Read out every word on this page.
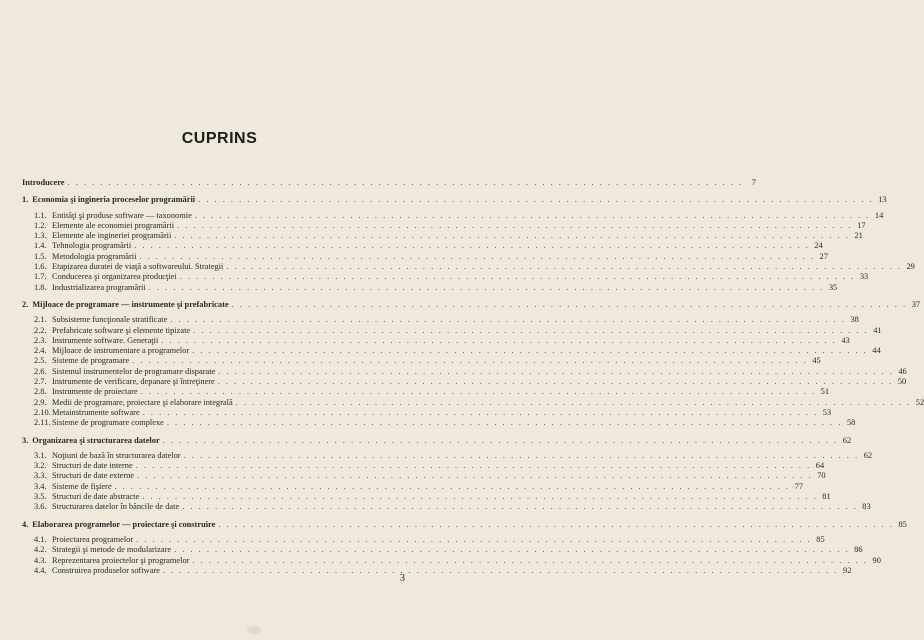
CUPRINS
Introducere . . .	7
1. Economia şi ingineria proceselor programării . . .	13
1.1. Entităţi şi produse software — taxonomie . . .	14
1.2. Elemente ale economiei programării . . .	17
1.3. Elemente ale ingineriei programării . . .	21
1.4. Tehnologia programării . . .	24
1.5. Metodologia programării . . .	27
1.6. Etapizarea duratei de viaţă a softwareului. Strategii . . .	29
1.7. Conducerea şi organizarea producţiei . . .	33
1.8. Industrializarea programării . . .	35
2. Mijloace de programare — instrumente şi prefabricate . . .	37
2.1. Subsisteme funcţionale stratificate . . .	38
2.2. Prefabricate software şi elemente tipizate . . .	41
2.3. Instrumente software. Generaţii . . .	43
2.4. Mijloace de instrumentare a programelor . . .	44
2.5. Sisteme de programare . . .	45
2.6. Sistemul instrumentelor de programare disparate . . .	46
2.7. Instrumente de verificare, depanare şi întreţinere . . .	50
2.8. Instrumente de proiectare . . .	51
2.9. Medii de programare, proiectare şi elaborare integrală . . .	52
2.10.Metainstrumente software . . .	53
2.11. Sisteme de programare complexe . . .	58
3. Organizarea şi structurarea datelor . . .	62
3.1. Noţiuni de bază în structurarea datelor . . .	62
3.2. Structuri de date interne . . .	64
3.3. Structuri de date externe . . .	70
3.4. Sisteme de fişiere . . .	77
3.5. Structuri de date abstracte . . .	81
3.6. Structurarea datelor în băncile de date . . .	83
4. Elaborarea programelor — proiectare şi construire . . .	85
4.1. Proiectarea programelor . . .	85
4.2. Strategii şi metode de modularizare . . .	86
4.3. Reprezentarea proiectelor şi programelor . . .	90
4.4. Construirea produselor software . . .	92
3
